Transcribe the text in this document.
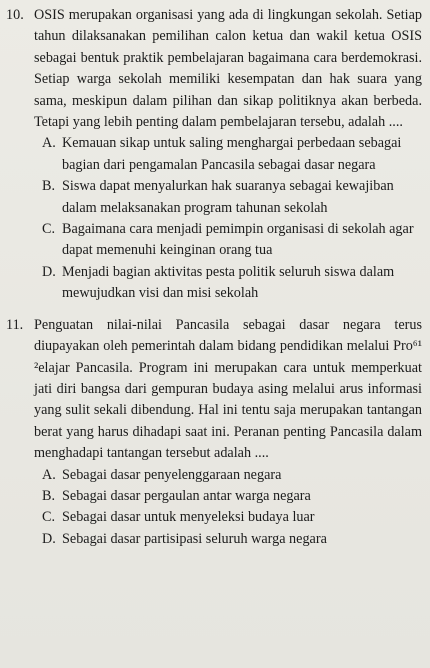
10. OSIS merupakan organisasi yang ada di lingkungan sekolah. Setiap tahun dilaksanakan pemilihan calon ketua dan wakil ketua OSIS sebagai bentuk praktik pembelajaran bagaimana cara berdemokrasi. Setiap warga sekolah memiliki kesempatan dan hak suara yang sama, meskipun dalam pilihan dan sikap politiknya akan berbeda. Tetapi yang lebih penting dalam pembelajaran tersebu, adalah ....

A. Kemauan sikap untuk saling menghargai perbedaan sebagai bagian dari pengamalan Pancasila sebagai dasar negara
B. Siswa dapat menyalurkan hak suaranya sebagai kewajiban dalam melaksanakan program tahunan sekolah
C. Bagaimana cara menjadi pemimpin organisasi di sekolah agar dapat memenuhi keinginan orang tua
D. Menjadi bagian aktivitas pesta politik seluruh siswa dalam mewujudkan visi dan misi sekolah
11. Penguatan nilai-nilai Pancasila sebagai dasar negara terus diupayakan oleh pemerintah dalam bidang pendidikan melalui Pro⁶¹ ²elajar Pancasila. Program ini merupakan cara untuk memperkuat jati diri bangsa dari gempuran budaya asing melalui arus informasi yang sulit sekali dibendung. Hal ini tentu saja merupakan tantangan berat yang harus dihadapi saat ini. Peranan penting Pancasila dalam menghadapi tantangan tersebut adalah ....

A. Sebagai dasar penyelenggaraan negara
B. Sebagai dasar pergaulan antar warga negara
C. Sebagai dasar untuk menyeleksi budaya luar
D. Sebagai dasar partisipasi seluruh warga negara
